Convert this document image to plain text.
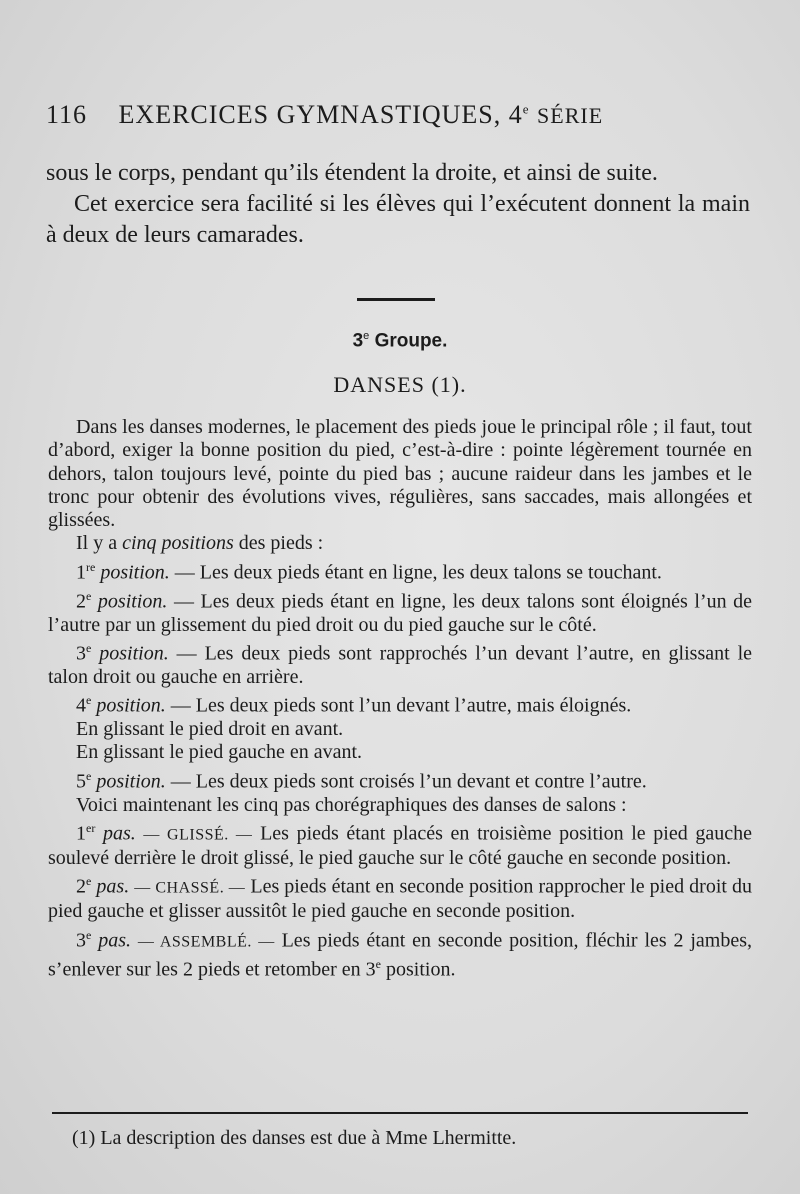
116 EXERCICES GYMNASTIQUES, 4e SÉRIE

sous le corps, pendant qu’ils étendent la droite, et ainsi de suite.

Cet exercice sera facilité si les élèves qui l’exécutent donnent la main à deux de leurs camarades.

3e Groupe.
DANSES (1).

Dans les danses modernes, le placement des pieds joue le principal rôle ; il faut, tout d’abord, exiger la bonne position du pied, c’est-à-dire : pointe légèrement tournée en dehors, talon toujours levé, pointe du pied bas ; aucune raideur dans les jambes et le tronc pour obtenir des évolutions vives, régulières, sans saccades, mais allongées et glissées.

Il y a cinq positions des pieds :

1re position. — Les deux pieds étant en ligne, les deux talons se touchant.

2e position. — Les deux pieds étant en ligne, les deux talons sont éloignés l’un de l’autre par un glissement du pied droit ou du pied gauche sur le côté.

3e position. — Les deux pieds sont rapprochés l’un devant l’autre, en glissant le talon droit ou gauche en arrière.

4e position. — Les deux pieds sont l’un devant l’autre, mais éloignés.

En glissant le pied droit en avant.

En glissant le pied gauche en avant.

5e position. — Les deux pieds sont croisés l’un devant et contre l’autre.

Voici maintenant les cinq pas chorégraphiques des danses de salons :

1er pas. — GLISSÉ. — Les pieds étant placés en troisième position le pied gauche soulevé derrière le droit glissé, le pied gauche sur le côté gauche en seconde position.

2e pas. — CHASSÉ. — Les pieds étant en seconde position rapprocher le pied droit du pied gauche et glisser aussitôt le pied gauche en seconde position.

3e pas. — ASSEMBLÉ. — Les pieds étant en seconde position, fléchir les 2 jambes, s’enlever sur les 2 pieds et retomber en 3e position.

(1) La description des danses est due à Mme Lhermitte.
